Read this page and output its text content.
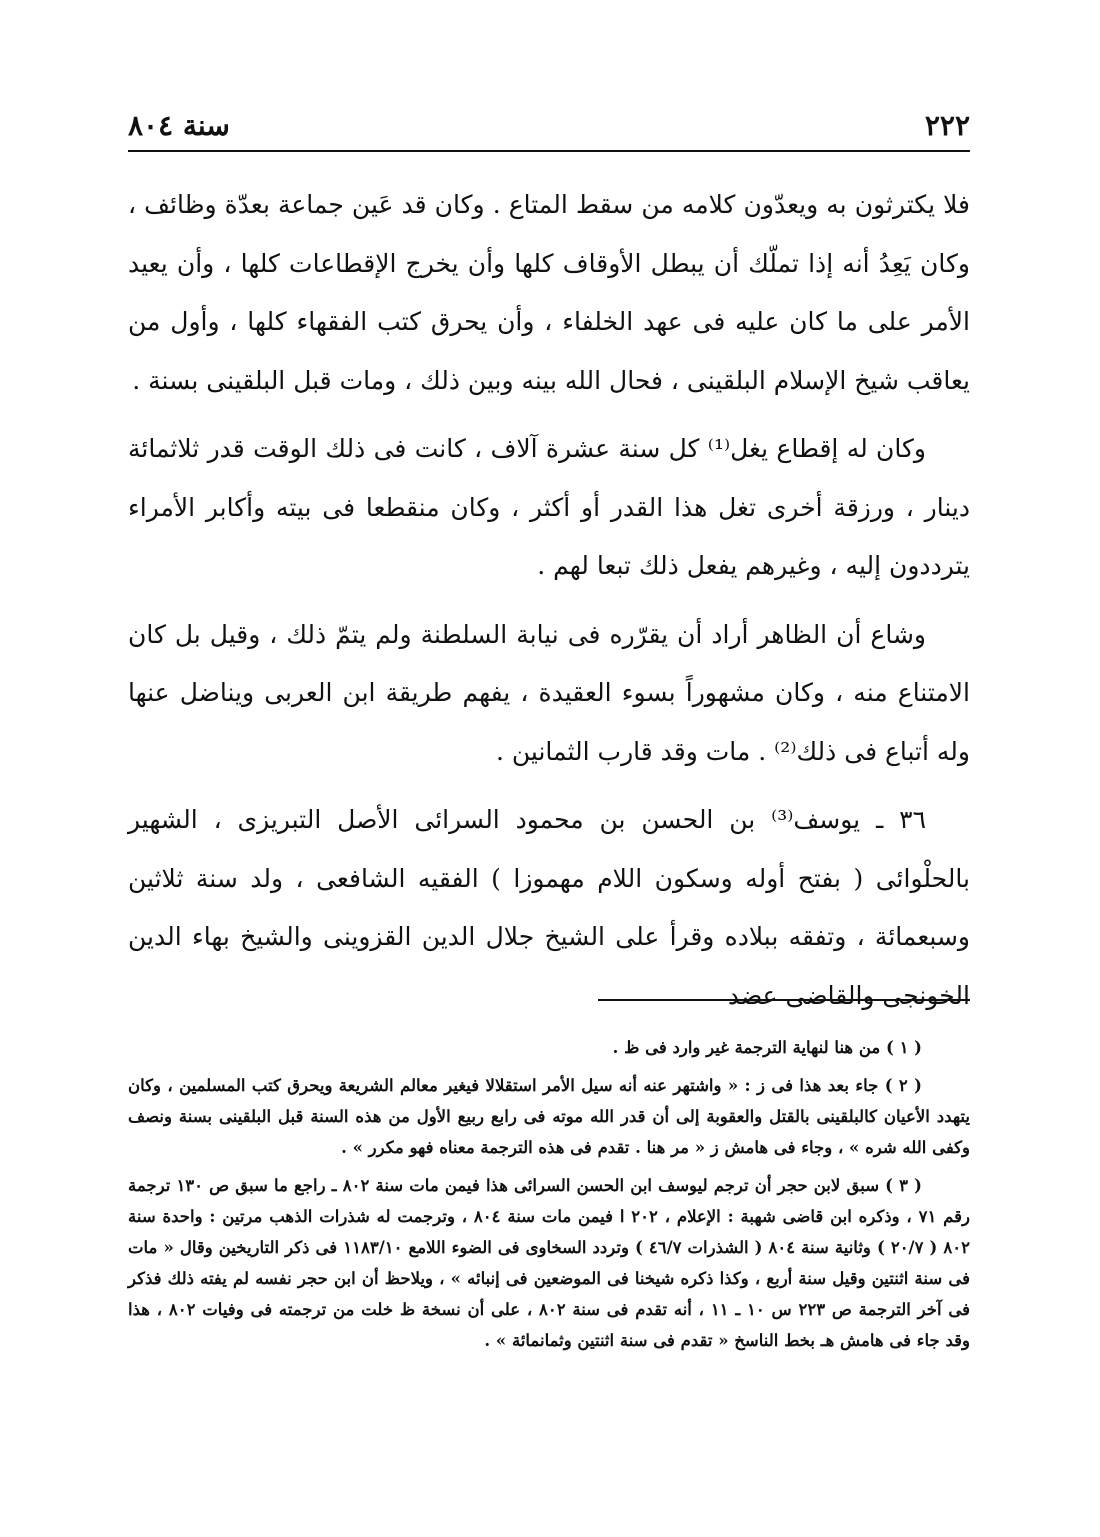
٢٢٢
سنة ٨٠٤

فلا يكترثون به ويعدّون كلامه من سقط المتاع . وكان قد عَين جماعة بعدّة وظائف ، وكان يَعِدُ أنه إذا تملّك أن يبطل الأوقاف كلها وأن يخرج الإقطاعات كلها ، وأن يعيد الأمر على ما كان عليه فى عهد الخلفاء ، وأن يحرق كتب الفقهاء كلها ، وأول من يعاقب شيخ الإسلام البلقينى ، فحال الله بينه وبين ذلك ، ومات قبل البلقينى بسنة .

وكان له إقطاع يغل⁽¹⁾ كل سنة عشرة آلاف ، كانت فى ذلك الوقت قدر ثلاثمائة دينار ، ورزقة أخرى تغل هذا القدر أو أكثر ، وكان منقطعا فى بيته وأكابر الأمراء يترددون إليه ، وغيرهم يفعل ذلك تبعا لهم .

وشاع أن الظاهر أراد أن يقرّره فى نيابة السلطنة ولم يتمّ ذلك ، وقيل بل كان الامتناع منه ، وكان مشهوراً بسوء العقيدة ، يفهم طريقة ابن العربى ويناضل عنها وله أتباع فى ذلك⁽²⁾ . مات وقد قارب الثمانين .

٣٦ ـ يوسف⁽³⁾ بن الحسن بن محمود السرائى الأصل التبريزى ، الشهير بالحلْوائى ( بفتح أوله وسكون اللام مهموزا ) الفقيه الشافعى ، ولد سنة ثلاثين وسبعمائة ، وتفقه ببلاده وقرأ على الشيخ جلال الدين القزوينى والشيخ بهاء الدين الخونجى والقاضى عضد

( ١ ) من هنا لنهاية الترجمة غير وارد فى ظ .

( ٢ ) جاء بعد هذا فى ز : « واشتهر عنه أنه سيل الأمر استقلالا فيغير معالم الشريعة ويحرق كتب المسلمين ، وكان يتهدد الأعيان كالبلقينى بالقتل والعقوبة إلى أن قدر الله موته فى رابع ربيع الأول من هذه السنة قبل البلقينى بسنة ونصف وكفى الله شره » ، وجاء فى هامش ز « مر هنا . تقدم فى هذه الترجمة معناه فهو مكرر » .

( ٣ ) سبق لابن حجر أن ترجم ليوسف ابن الحسن السرائى هذا فيمن مات سنة ٨٠٢ ـ راجع ما سبق ص ١٣٠ ترجمة رقم ٧١ ، وذكره ابن قاضى شهبة : الإعلام ، ٢٠٢ ا فيمن مات سنة ٨٠٤ ، وترجمت له شذرات الذهب مرتين : واحدة سنة ٨٠٢ ( ٢٠/٧ ) وثانية سنة ٨٠٤ ( الشذرات ٤٦/٧ ) وتردد السخاوى فى الضوء اللامع ١١٨٣/١٠ فى ذكر التاريخين وقال « مات فى سنة اثنتين وقيل سنة أربع ، وكذا ذكره شيخنا فى الموضعين فى إنبائه » ، ويلاحظ أن ابن حجر نفسه لم يفته ذلك فذكر فى آخر الترجمة ص ٢٢٣ س ١٠ ـ ١١ ، أنه تقدم فى سنة ٨٠٢ ، على أن نسخة ظ خلت من ترجمته فى وفيات ٨٠٢ ، هذا وقد جاء فى هامش هـ بخط الناسخ « تقدم فى سنة اثنتين وثمانمائة » .
